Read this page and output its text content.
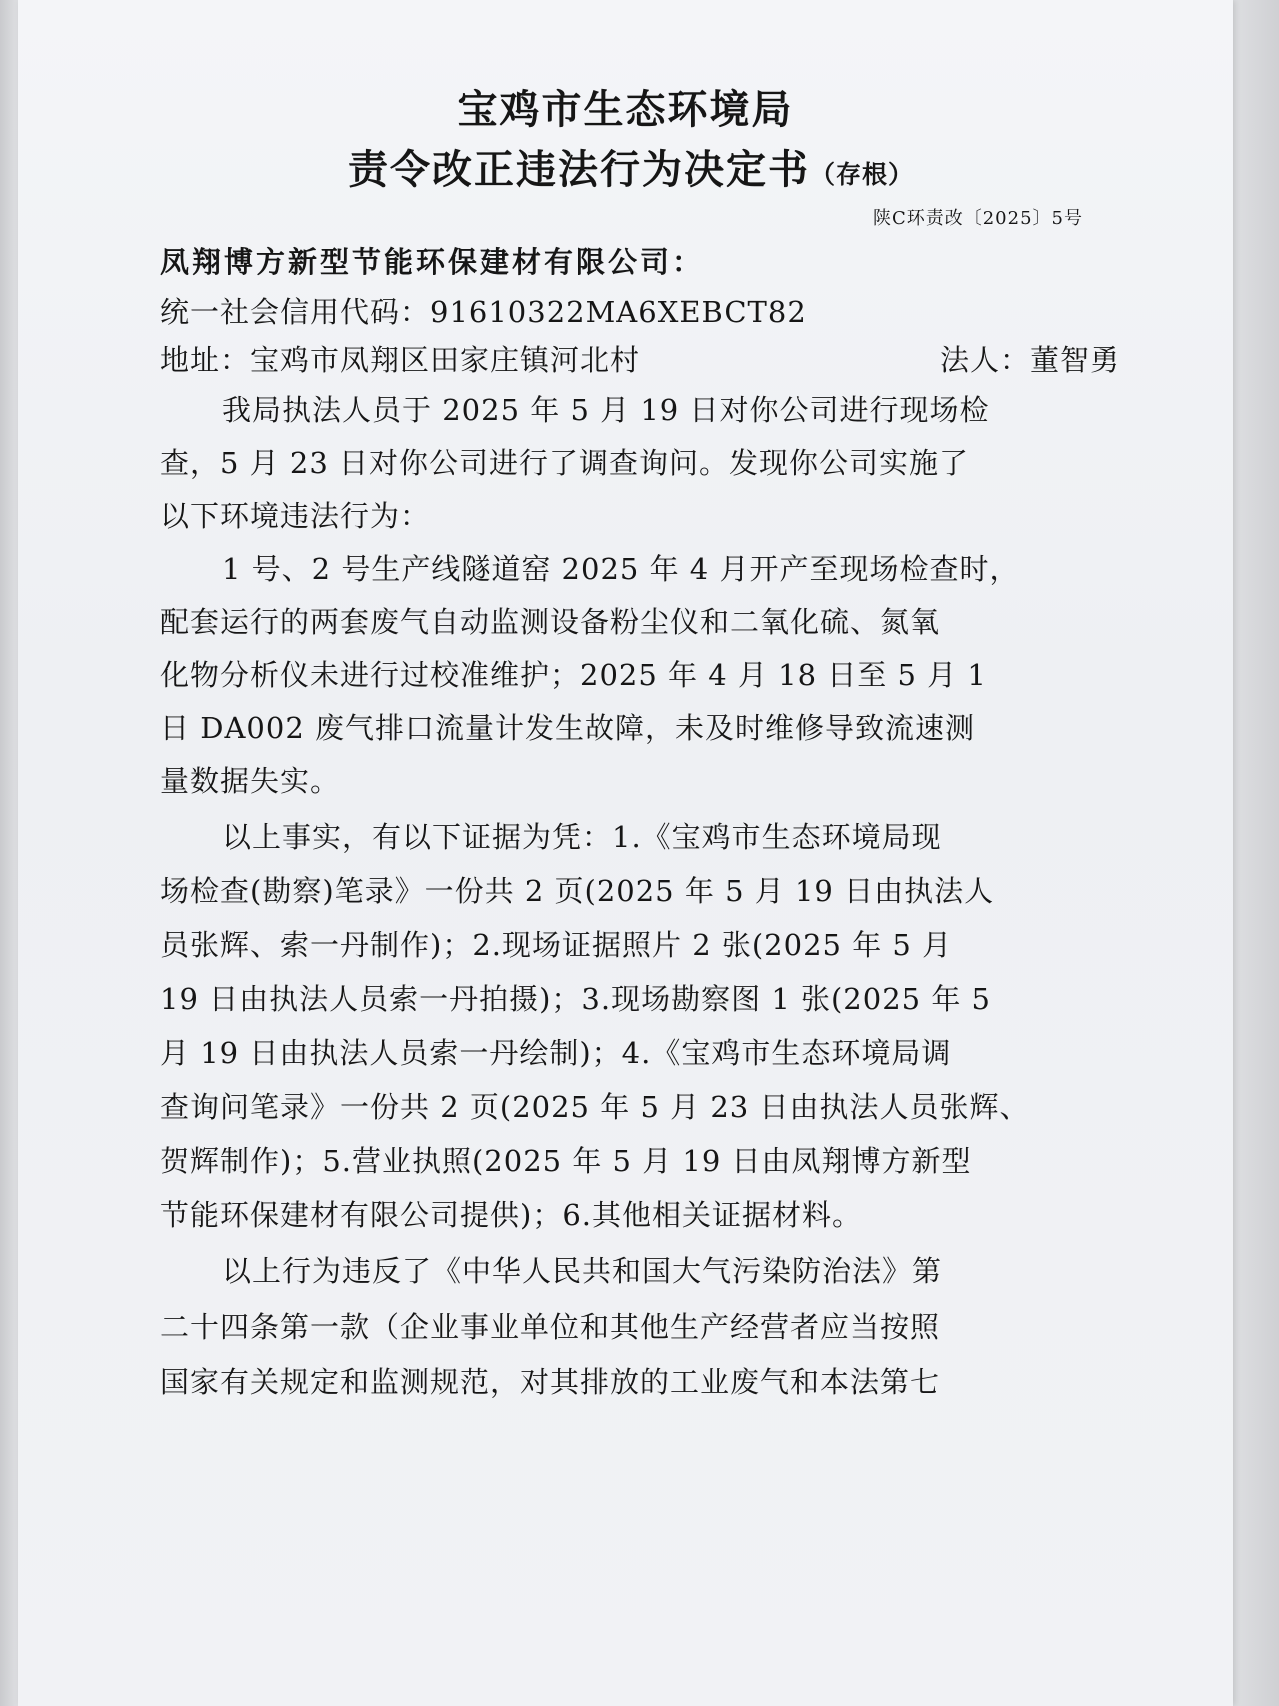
宝鸡市生态环境局
责令改正违法行为决定书（存根）
陕C环责改〔2025〕5号
凤翔博方新型节能环保建材有限公司：
统一社会信用代码：91610322MA6XEBCT82
地址：宝鸡市凤翔区田家庄镇河北村	法人：董智勇
我局执法人员于 2025 年 5 月 19 日对你公司进行现场检
查，5 月 23 日对你公司进行了调查询问。发现你公司实施了
以下环境违法行为：
1 号、2 号生产线隧道窑 2025 年 4 月开产至现场检查时，
配套运行的两套废气自动监测设备粉尘仪和二氧化硫、氮氧
化物分析仪未进行过校准维护；2025 年 4 月 18 日至 5 月 1
日 DA002 废气排口流量计发生故障，未及时维修导致流速测
量数据失实。
以上事实，有以下证据为凭：1.《宝鸡市生态环境局现
场检查(勘察)笔录》一份共 2 页(2025 年 5 月 19 日由执法人
员张辉、索一丹制作)；2.现场证据照片 2 张(2025 年 5 月
19 日由执法人员索一丹拍摄)；3.现场勘察图 1 张(2025 年 5
月 19 日由执法人员索一丹绘制)；4.《宝鸡市生态环境局调
查询问笔录》一份共 2 页(2025 年 5 月 23 日由执法人员张辉、
贺辉制作)；5.营业执照(2025 年 5 月 19 日由凤翔博方新型
节能环保建材有限公司提供)；6.其他相关证据材料。
以上行为违反了《中华人民共和国大气污染防治法》第
二十四条第一款（企业事业单位和其他生产经营者应当按照
国家有关规定和监测规范，对其排放的工业废气和本法第七
